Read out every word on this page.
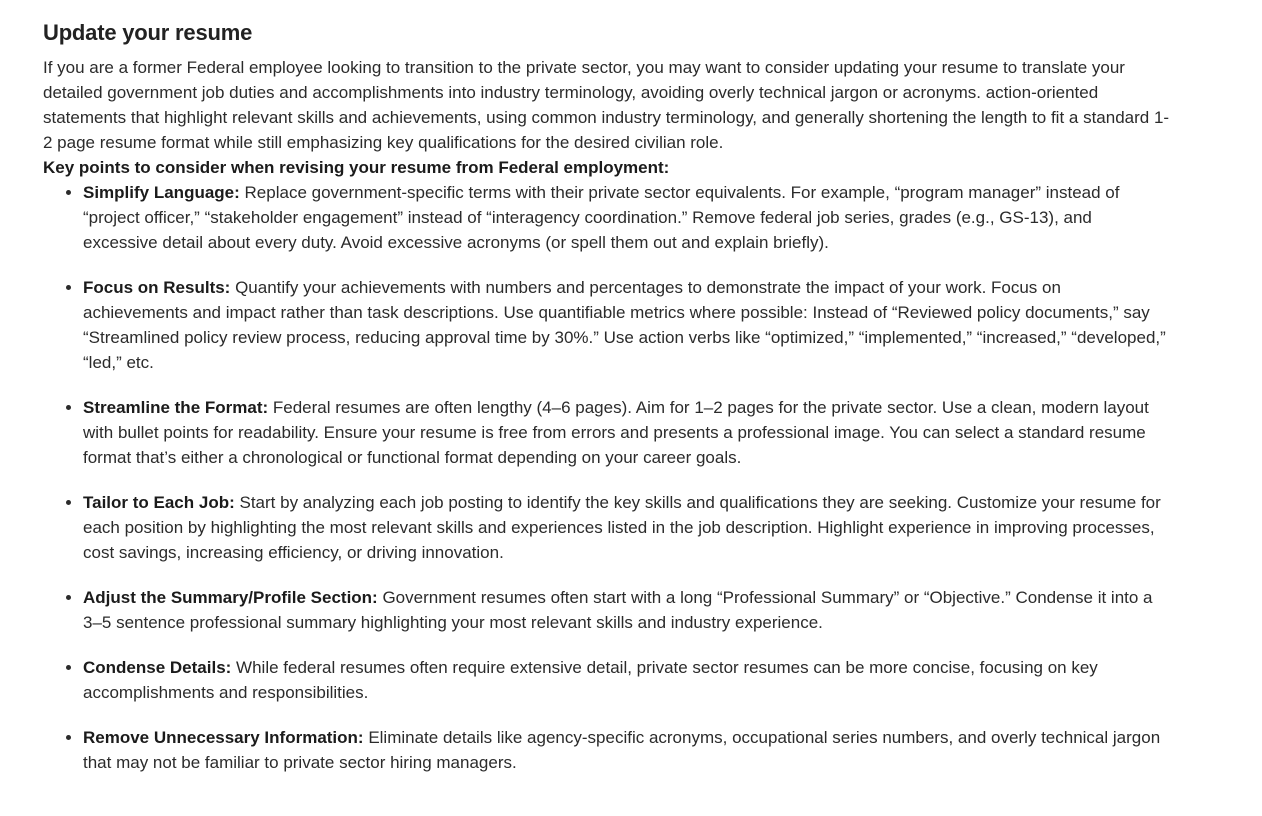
Update your resume

If you are a former Federal employee looking to transition to the private sector, you may want to consider updating your resume to translate your detailed government job duties and accomplishments into industry terminology, avoiding overly technical jargon or acronyms. action-oriented statements that highlight relevant skills and achievements, using common industry terminology, and generally shortening the length to fit a standard 1-2 page resume format while still emphasizing key qualifications for the desired civilian role.

Key points to consider when revising your resume from Federal employment:

• Simplify Language: Replace government-specific terms with their private sector equivalents. For example, “program manager” instead of “project officer,” “stakeholder engagement” instead of “interagency coordination.” Remove federal job series, grades (e.g., GS-13), and excessive detail about every duty. Avoid excessive acronyms (or spell them out and explain briefly).
• Focus on Results: Quantify your achievements with numbers and percentages to demonstrate the impact of your work. Focus on achievements and impact rather than task descriptions. Use quantifiable metrics where possible: Instead of “Reviewed policy documents,” say “Streamlined policy review process, reducing approval time by 30%.” Use action verbs like “optimized,” “implemented,” “increased,” “developed,” “led,” etc.
• Streamline the Format: Federal resumes are often lengthy (4–6 pages). Aim for 1–2 pages for the private sector. Use a clean, modern layout with bullet points for readability. Ensure your resume is free from errors and presents a professional image. You can select a standard resume format that’s either a chronological or functional format depending on your career goals.
• Tailor to Each Job: Start by analyzing each job posting to identify the key skills and qualifications they are seeking. Customize your resume for each position by highlighting the most relevant skills and experiences listed in the job description. Highlight experience in improving processes, cost savings, increasing efficiency, or driving innovation.
• Adjust the Summary/Profile Section: Government resumes often start with a long “Professional Summary” or “Objective.” Condense it into a 3–5 sentence professional summary highlighting your most relevant skills and industry experience.
• Condense Details: While federal resumes often require extensive detail, private sector resumes can be more concise, focusing on key accomplishments and responsibilities.
• Remove Unnecessary Information: Eliminate details like agency-specific acronyms, occupational series numbers, and overly technical jargon that may not be familiar to private sector hiring managers.
